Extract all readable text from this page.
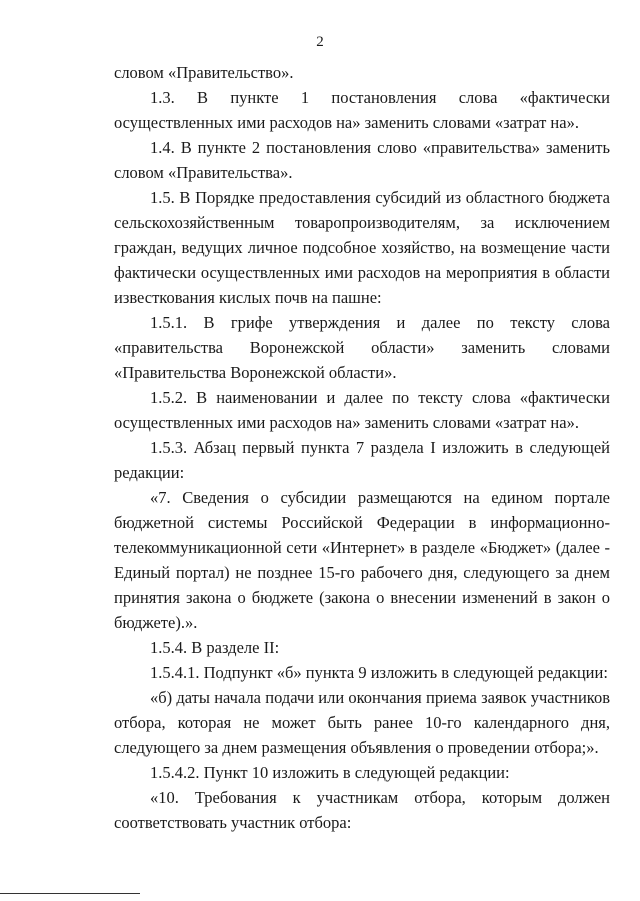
2

словом «Правительство».

1.3. В пункте 1 постановления слова «фактически осуществленных ими расходов на» заменить словами «затрат на».

1.4. В пункте 2 постановления слово «правительства» заменить словом «Правительства».

1.5. В Порядке предоставления субсидий из областного бюджета сельскохозяйственным товаропроизводителям, за исключением граждан, ведущих личное подсобное хозяйство, на возмещение части фактически осуществленных ими расходов на мероприятия в области известкования кислых почв на пашне:

1.5.1. В грифе утверждения и далее по тексту слова «правительства Воронежской области» заменить словами «Правительства Воронежской области».

1.5.2. В наименовании и далее по тексту слова «фактически осуществленных ими расходов на» заменить словами «затрат на».

1.5.3. Абзац первый пункта 7 раздела I изложить в следующей редакции:

«7. Сведения о субсидии размещаются на едином портале бюджетной системы Российской Федерации в информационно-телекоммуникационной сети «Интернет» в разделе «Бюджет» (далее - Единый портал) не позднее 15-го рабочего дня, следующего за днем принятия закона о бюджете (закона о внесении изменений в закон о бюджете).».

1.5.4. В разделе II:

1.5.4.1. Подпункт «б» пункта 9 изложить в следующей редакции:

«б) даты начала подачи или окончания приема заявок участников отбора, которая не может быть ранее 10-го календарного дня, следующего за днем размещения объявления о проведении отбора;».

1.5.4.2. Пункт 10 изложить в следующей редакции:

«10. Требования к участникам отбора, которым должен соответствовать участник отбора:
